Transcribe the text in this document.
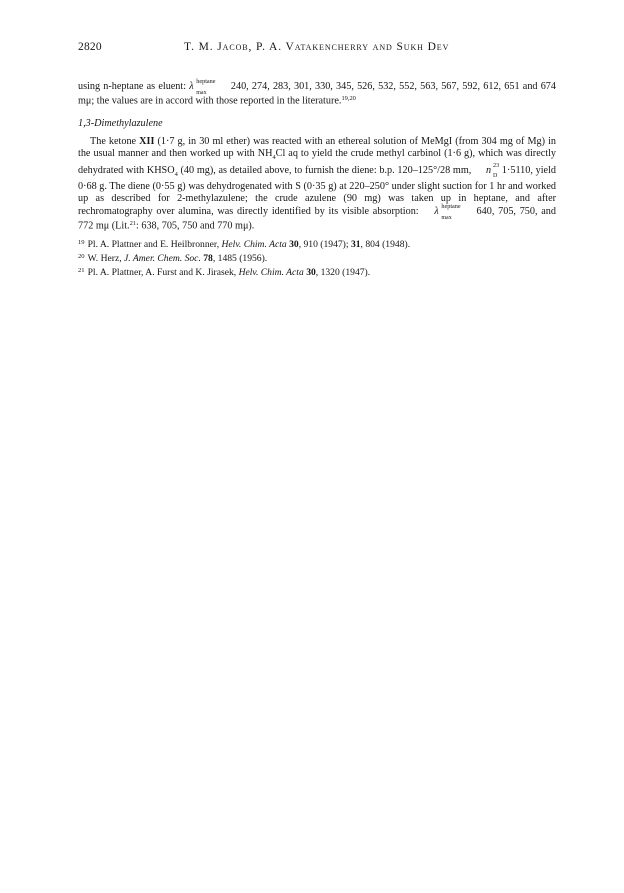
2820	T. M. Jacob, P. A. Vatakencherry and Sukh Dev

using n-heptane as eluent: λ heptane
max
240, 274, 283, 301, 330, 345, 526, 532, 552, 563, 567, 592, 612, 651 and 674 mμ; the values are in accord with those reported in the literature.$^{19,20}$

1,3-Dimethylazulene

The ketone XII (1·7 g, in 30 ml ether) was reacted with an ethereal solution of MeMgI (from 304 mg of Mg) in the usual manner and then worked up with $NH_4Cl$ aq to yield the crude methyl carbinol (1·6 g), which was directly dehydrated with $KHSO_4$ (40 mg), as detailed above, to furnish the diene: b.p. 120–125°/28 mm, n 23
D 1·5110, yield 0·68 g. The diene (0·55 g) was dehydrogenated with S (0·35 g) at 220–250° under slight suction for 1 hr and worked up as described for 2-methylazulene; the crude azulene (90 mg) was taken up in heptane, and after rechromatography over alumina, was directly identified by its visible absorption: λ heptane
max
640, 705, 750, and 772 mμ (Lit.$^{21}$: 638, 705, 750 and 770 mμ).

$^{19}$ Pl. A. Plattner and E. Heilbronner, Helv. Chim. Acta 30, 910 (1947); 31, 804 (1948).

$^{20}$ W. Herz, J. Amer. Chem. Soc. 78, 1485 (1956).

$^{21}$ Pl. A. Plattner, A. Furst and K. Jirasek, Helv. Chim. Acta 30, 1320 (1947).
